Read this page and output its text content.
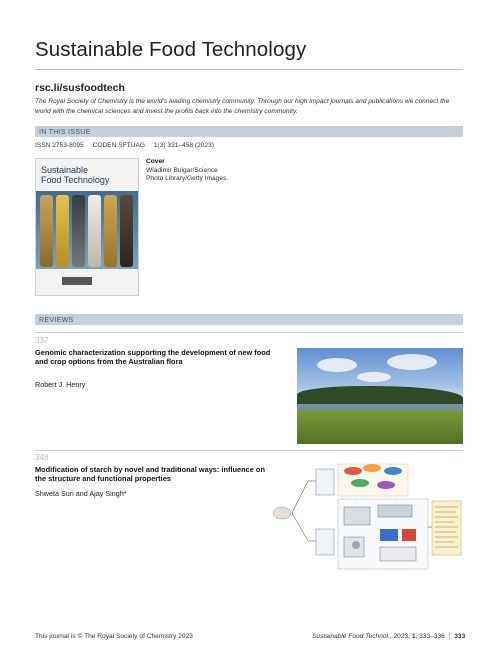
Sustainable Food Technology
rsc.li/susfoodtech
The Royal Society of Chemistry is the world’s leading chemistry community. Through our high impact journals and publications we connect the world with the chemical sciences and invest the profits back into the chemistry community.
IN THIS ISSUE
ISSN 2753-8095 CODEN SFTUAG 1(3) 331–458 (2023)
Sustainable
Food Technology
Cover
Wladimir Bulgar/Science
Photo Library/Getty Images.
REVIEWS
337
Genomic characterization supporting the development of new food and crop options from the Australian flora
Robert J. Henry
348
Modification of starch by novel and traditional ways: influence on the structure and functional properties
Shweta Suri and Ajay Singh*
This journal is © The Royal Society of Chemistry 2023	Sustainable Food Technol., 2023, 1, 333–336 | 333
